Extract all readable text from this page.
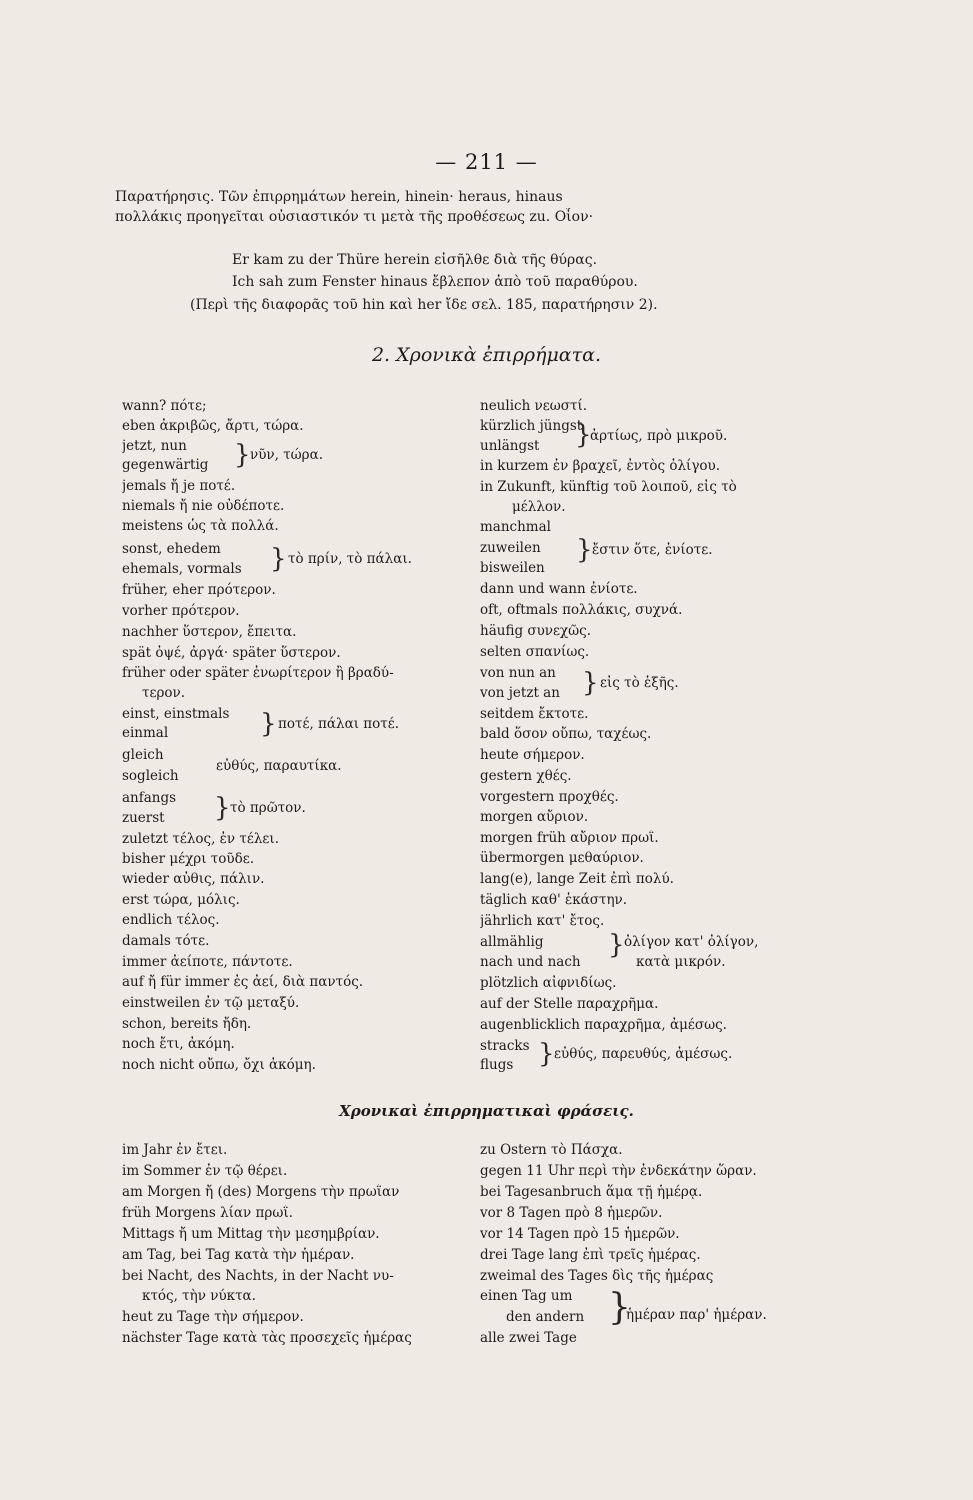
— 211 —
Παρατήρησις. Τῶν ἐπιρρημάτων herein, hinein· heraus, hinaus
πολλάκις προηγεῖται οὐσιαστικόν τι μετὰ τῆς προθέσεως zu. Οἷον·
Er kam zu der Thüre herein εἰσῆλθε διὰ τῆς θύρας.
Ich sah zum Fenster hinaus ἔβλεπον ἀπὸ τοῦ παραθύρου.
(Περὶ τῆς διαφορᾶς τοῦ hin καὶ her ἴδε σελ. 185, παρατήρησιν 2).
2. Χρονικὰ ἐπιρρήματα.
wann? πότε;
eben ἀκριβῶς, ἄρτι, τώρα.
jetzt, nun
gegenwärtig
jemals ἤ je ποτέ.
niemals ἤ nie οὐδέποτε.
meistens ὡς τὰ πολλά.
sonst, ehedem
ehemals, vormals
früher, eher πρότερον.
vorher πρότερον.
nachher ὕστερον, ἔπειτα.
spät ὀψέ, ἀργά· später ὕστερον.
früher oder später ἐνωρίτερον ἢ βραδύ-
τερον.
einst, einstmals
einmal
gleich
sogleich
anfangs
zuerst
zuletzt τέλος, ἐν τέλει.
bisher μέχρι τοῦδε.
wieder αὖθις, πάλιν.
erst τώρα, μόλις.
endlich τέλος.
damals τότε.
immer ἀείποτε, πάντοτε.
auf ἤ für immer ἐς ἀεί, διὰ παντός.
einstweilen ἐν τῷ μεταξύ.
schon, bereits ἤδη.
noch ἔτι, ἀκόμη.
noch nicht οὔπω, ὄχι ἀκόμη.
} νῦν, τώρα.
} τὸ πρίν, τὸ πάλαι.
} ποτέ, πάλαι ποτέ.
εὐθύς, παραυτίκα.
} τὸ πρῶτον.
neulich νεωστί.
kürzlich jüngst
unlängst
in kurzem ἐν βραχεῖ, ἐντὸς ὀλίγου.
in Zukunft, künftig τοῦ λοιποῦ, εἰς τὸ
μέλλον.
manchmal
zuweilen
bisweilen
dann und wann ἐνίοτε.
oft, oftmals πολλάκις, συχνά.
häufig συνεχῶς.
selten σπανίως.
von nun an
von jetzt an
seitdem ἔκτοτε.
bald ὅσον οὔπω, ταχέως.
heute σήμερον.
gestern χθές.
vorgestern προχθές.
morgen αὔριον.
morgen früh αὔριον πρωΐ.
übermorgen μεθαύριον.
lang(e), lange Zeit ἐπὶ πολύ.
täglich καθ' ἑκάστην.
jährlich κατ' ἔτος.
allmählig
nach und nach
plötzlich αἰφνιδίως.
auf der Stelle παραχρῆμα.
augenblicklich παραχρῆμα, ἀμέσως.
stracks
flugs
}
ἀρτίως, πρὸ μικροῦ.
} ἔστιν ὅτε, ἐνίοτε.
} εἰς τὸ ἑξῆς.
} ὀλίγον κατ' ὀλίγον,
κατὰ μικρόν.
} εὐθύς, παρευθύς, ἀμέσως.
Χρονικαὶ ἐπιρρηματικαὶ φράσεις.
im Jahr ἐν ἔτει.
im Sommer ἐν τῷ θέρει.
am Morgen ἤ (des) Morgens τὴν πρωΐαν
früh Morgens λίαν πρωΐ.
Mittags ἤ um Mittag τὴν μεσημβρίαν.
am Tag, bei Tag κατὰ τὴν ἡμέραν.
bei Nacht, des Nachts, in der Nacht νυ-
κτός, τὴν νύκτα.
heut zu Tage τὴν σήμερον.
nächster Tage κατὰ τὰς προσεχεῖς ἡμέρας
zu Ostern τὸ Πάσχα.
gegen 11 Uhr περὶ τὴν ἑνδεκάτην ὥραν.
bei Tagesanbruch ἅμα τῇ ἡμέρᾳ.
vor 8 Tagen πρὸ 8 ἡμερῶν.
vor 14 Tagen πρὸ 15 ἡμερῶν.
drei Tage lang ἐπὶ τρεῖς ἡμέρας.
zweimal des Tages δὶς τῆς ἡμέρας
einen Tag um
den andern
alle zwei Tage
}
ἡμέραν παρ' ἡμέραν.
